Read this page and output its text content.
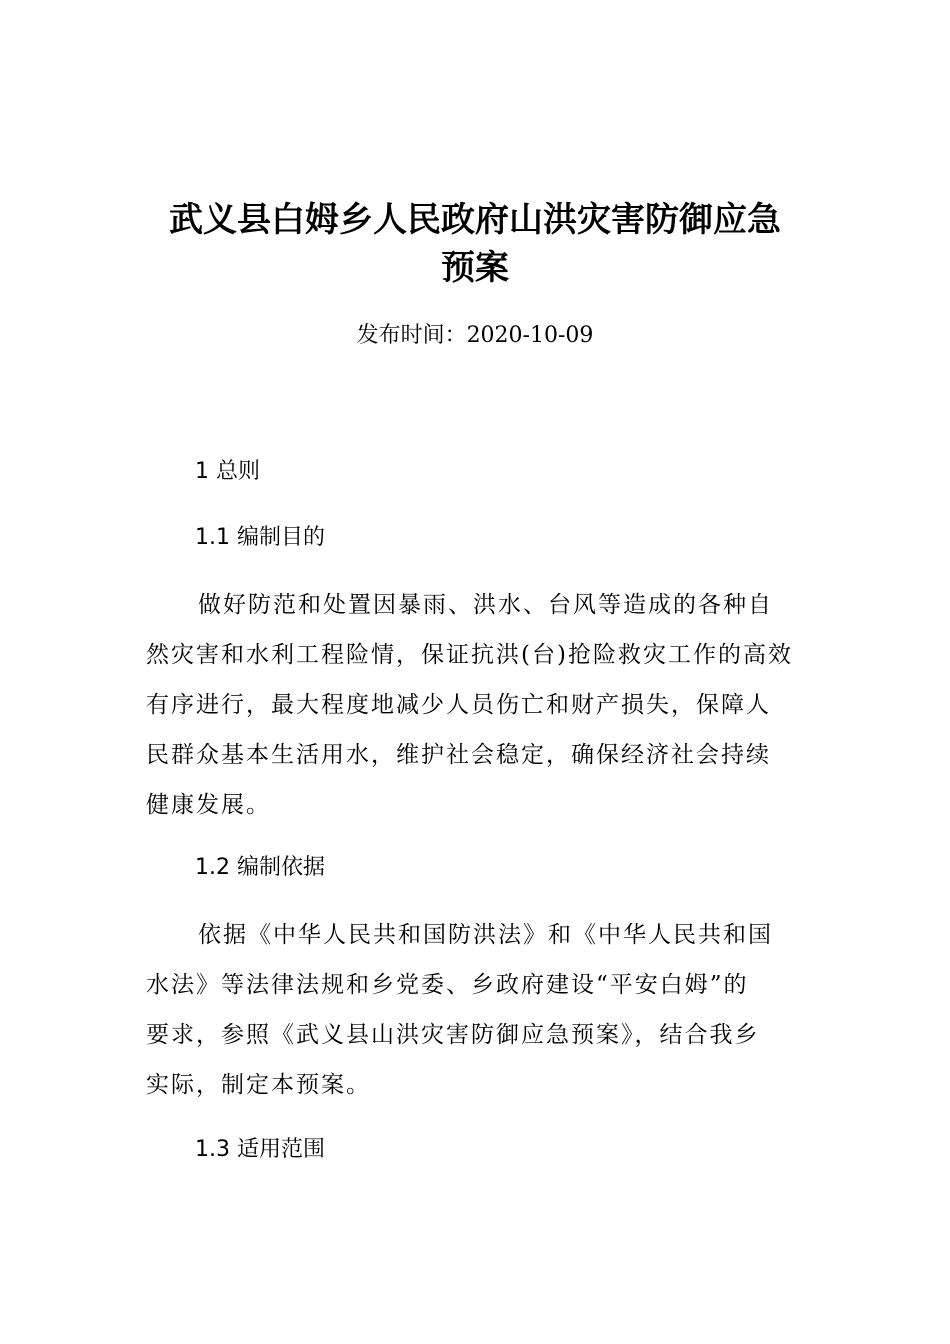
武义县白姆乡人民政府山洪灾害防御应急
预案
发布时间：2020-10-09
1 总则
1.1 编制目的
做好防范和处置因暴雨、洪水、台风等造成的各种自
然灾害和水利工程险情，保证抗洪(台)抢险救灾工作的高效
有序进行，最大程度地减少人员伤亡和财产损失，保障人
民群众基本生活用水，维护社会稳定，确保经济社会持续
健康发展。
1.2 编制依据
依据《中华人民共和国防洪法》和《中华人民共和国
水法》等法律法规和乡党委、乡政府建设“平安白姆”的
要求，参照《武义县山洪灾害防御应急预案》，结合我乡
实际，制定本预案。
1.3 适用范围
